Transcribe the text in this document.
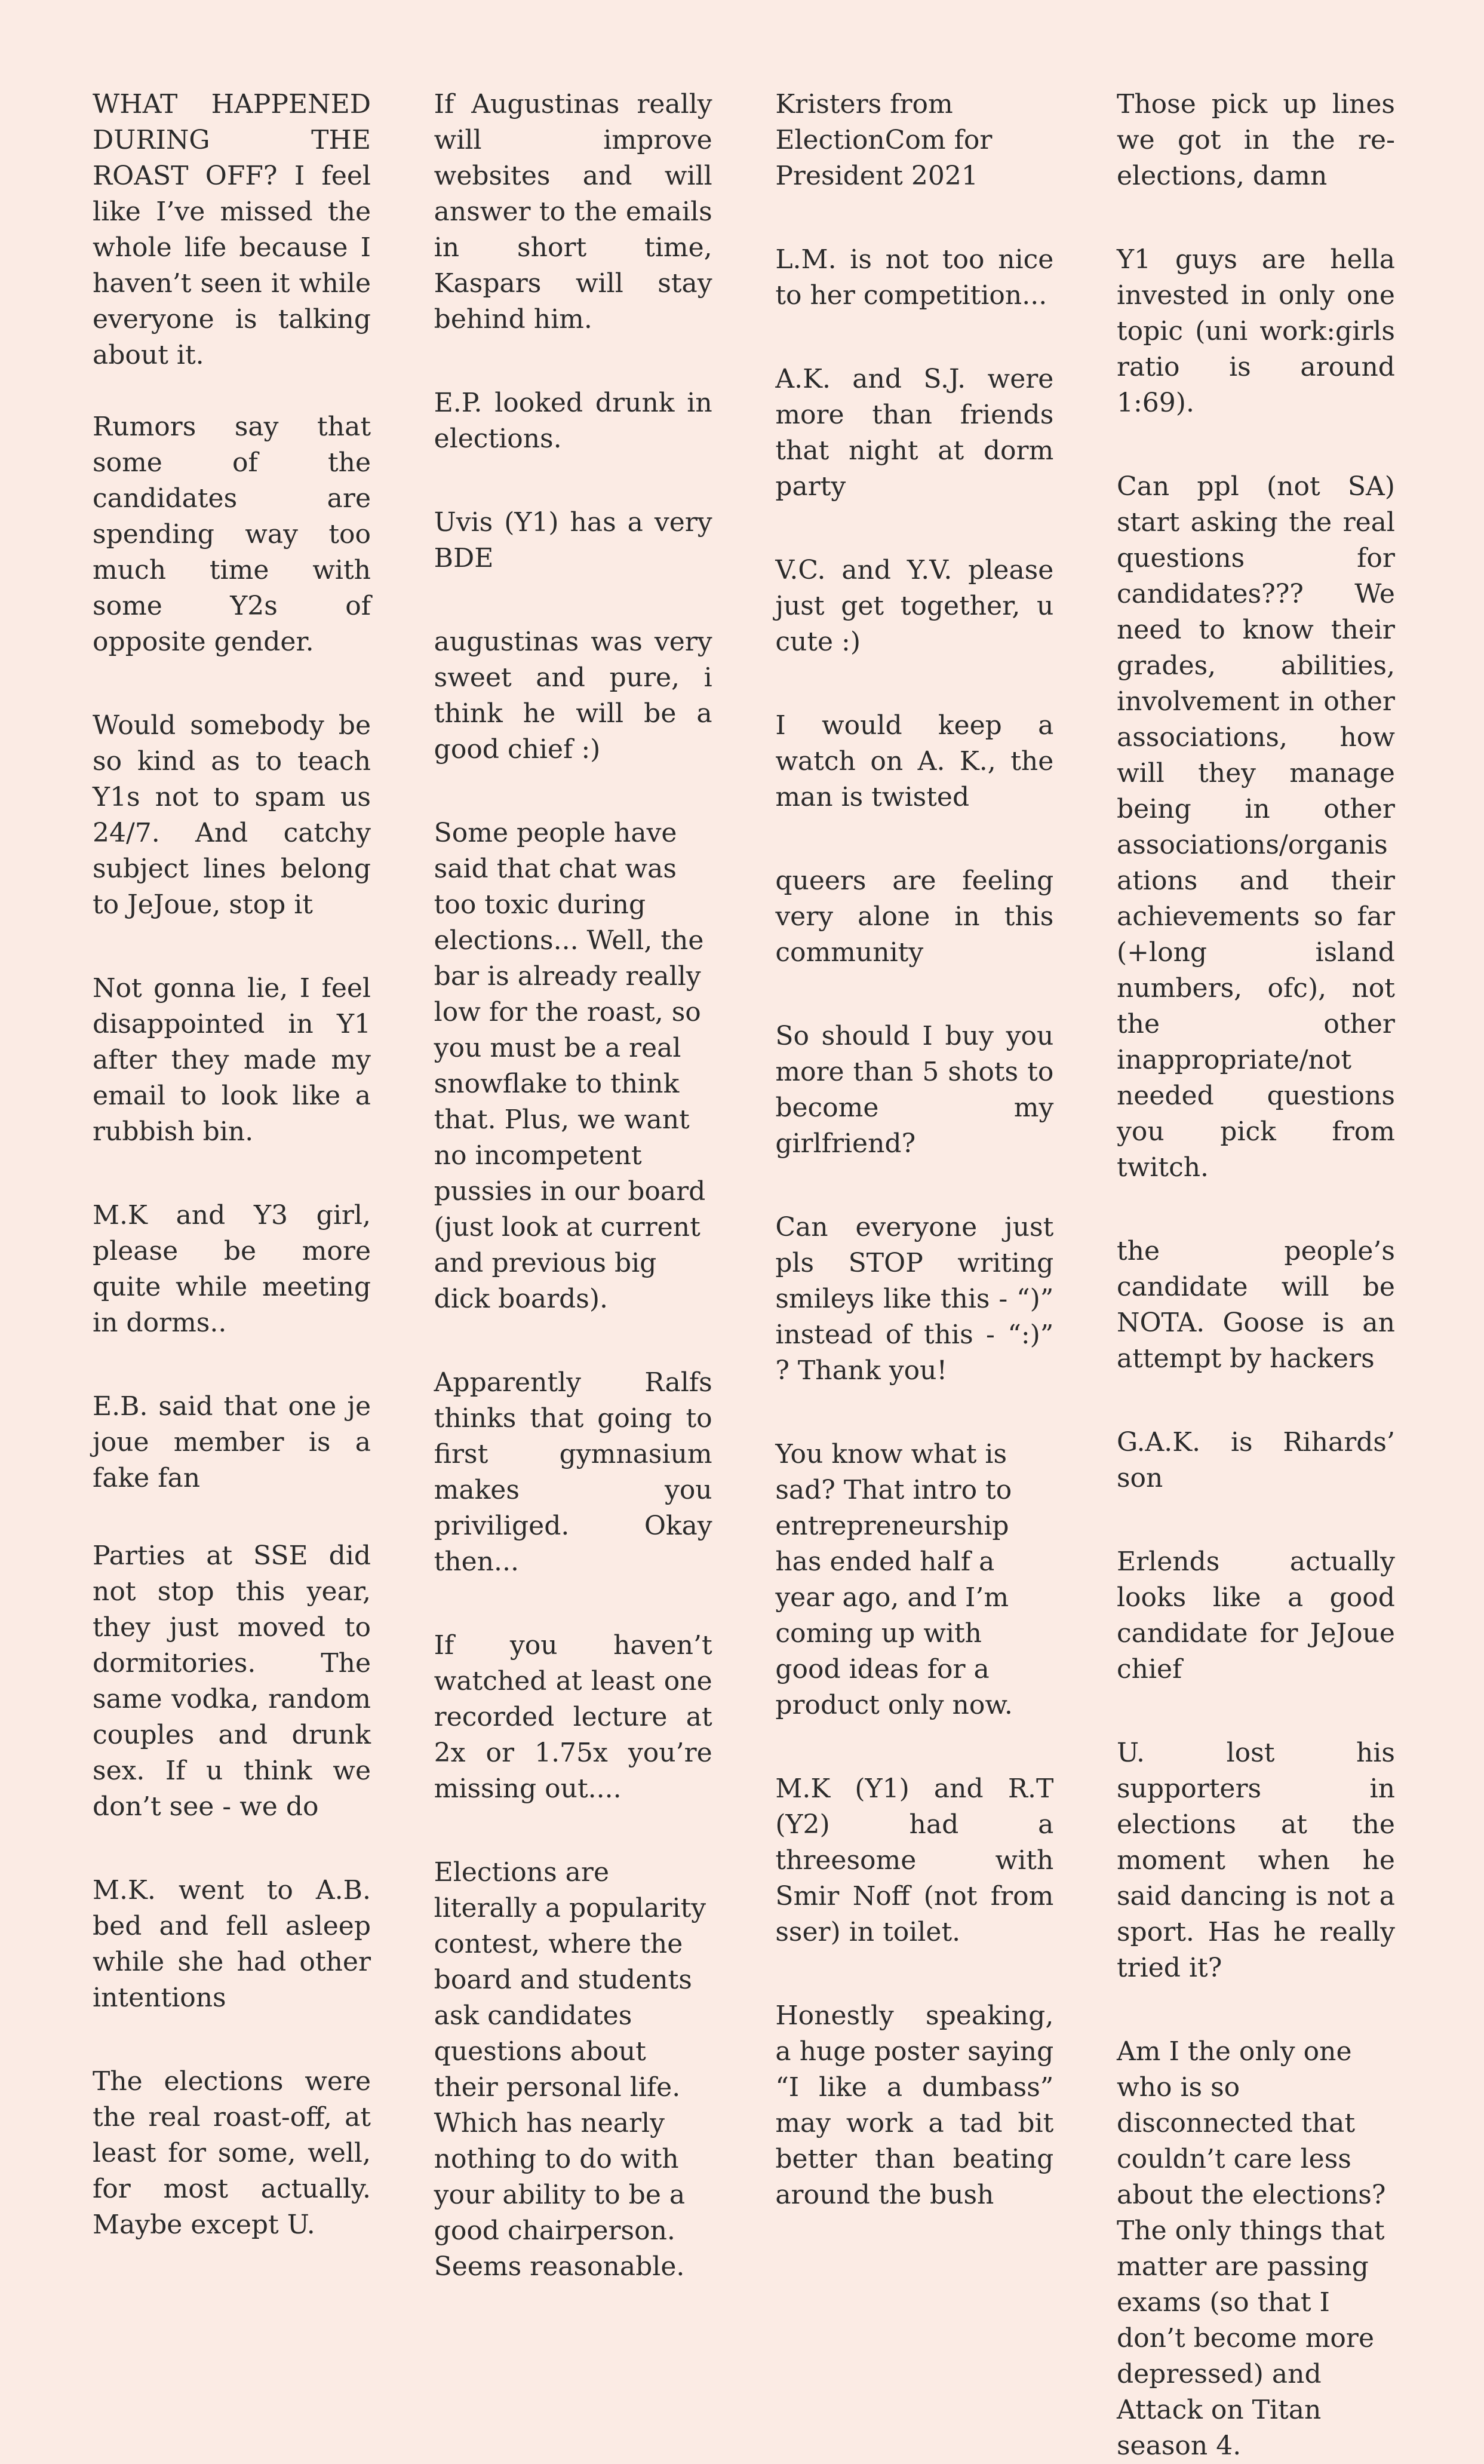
WHAT HAPPENED DURING THE ROAST OFF? I feel like I’ve missed the whole life because I haven’t seen it while everyone is talking about it.

Rumors say that some of the candidates are spending way too much time with some Y2s of opposite gender.

Would somebody be so kind as to teach Y1s not to spam us 24/7. And catchy subject lines belong to JeJoue, stop it

Not gonna lie, I feel disappointed in Y1 after they made my email to look like a rubbish bin.

M.K and Y3 girl, please be more quite while meeting in dorms..

E.B. said that one je joue member is a fake fan

Parties at SSE did not stop this year, they just moved to dormitories. The same vodka, random couples and drunk sex. If u think we don’t see - we do

M.K. went to A.B. bed and fell asleep while she had other intentions

The elections were the real roast-off, at least for some, well, for most actually. Maybe except U.

If Augustinas really will improve websites and will answer to the emails in short time, Kaspars will stay behind him.

E.P. looked drunk in elections.

Uvis (Y1) has a very BDE

augustinas was very sweet and pure, i think he will be a good chief :)

Some people have said that chat was too toxic during elections... Well, the bar is already really low for the roast, so you must be a real snowflake to think that. Plus, we want no incompetent pussies in our board (just look at current and previous big dick boards).

Apparently Ralfs thinks that going to first gymnasium makes you priviliged. Okay then...

If you haven’t watched at least one recorded lecture at 2x or 1.75x you’re missing out....

Elections are literally a popularity contest, where the board and students ask candidates questions about their personal life. Which has nearly nothing to do with your ability to be a good chairperson. Seems reasonable.

Kristers from ElectionCom for President 2021

L.M. is not too nice to her competition...

A.K. and S.J. were more than friends that night at dorm party

V.C. and Y.V. please just get together, u cute :)

I would keep a watch on A. K., the man is twisted

queers are feeling very alone in this community

So should I buy you more than 5 shots to become my girlfriend?

Can everyone just pls STOP writing smileys like this - “)” instead of this - “:)” ? Thank you!

You know what is sad? That intro to entrepreneurship has ended half a year ago, and I’m coming up with good ideas for a product only now.

M.K (Y1) and R.T (Y2) had a threesome with Smir Noff (not from sser) in toilet.

Honestly speaking, a huge poster saying “I like a dumbass” may work a tad bit better than beating around the bush

Those pick up lines we got in the re-elections, damn

Y1 guys are hella invested in only one topic (uni work:girls ratio is around 1:69).

Can ppl (not SA) start asking the real questions for candidates??? We need to know their grades, abilities, involvement in other associations, how will they manage being in other associations/organisations and their achievements so far (+long island numbers, ofc), not the other inappropriate/not needed questions you pick from twitch.

the people’s candidate will be NOTA. Goose is an attempt by hackers

G.A.K. is Rihards’ son

Erlends actually looks like a good candidate for JeJoue chief

U. lost his supporters in elections at the moment when he said dancing is not a sport. Has he really tried it?

Am I the only one who is so disconnected that couldn’t care less about the elections? The only things that matter are passing exams (so that I don’t become more depressed) and Attack on Titan season 4.
